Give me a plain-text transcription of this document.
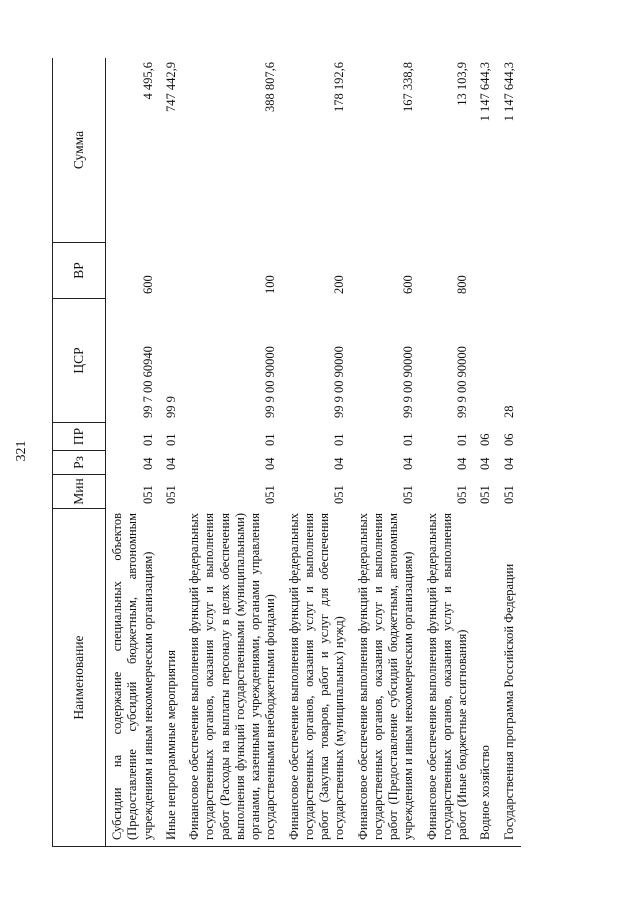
321
Наименование	Мин	Рз	ПР	ЦСР	ВР	Сумма
Субсидии на содержание специальных объектов (Предоставление субсидий бюджетным, автономным учреждениям и иным некоммерческим организациям)	051	04	01	99 7 00 60940	600	4 495,6
Иные непрограммные мероприятия	051	04	01	99 9		747 442,9
Финансовое обеспечение выполнения функций федеральных государственных органов, оказания услуг и выполнения работ (Расходы на выплаты персоналу в целях обеспечения выполнения функций государственными (муниципальными) органами, казенными учреждениями, органами управления государственными внебюджетными фондами)	051	04	01	99 9 00 90000	100	388 807,6
Финансовое обеспечение выполнения функций федеральных государственных органов, оказания услуг и выполнения работ (Закупка товаров, работ и услуг для обеспечения государственных (муниципальных) нужд)	051	04	01	99 9 00 90000	200	178 192,6
Финансовое обеспечение выполнения функций федеральных государственных органов, оказания услуг и выполнения работ (Предоставление субсидий бюджетным, автономным учреждениям и иным некоммерческим организациям)	051	04	01	99 9 00 90000	600	167 338,8
Финансовое обеспечение выполнения функций федеральных государственных органов, оказания услуг и выполнения работ (Иные бюджетные ассигнования)	051	04	01	99 9 00 90000	800	13 103,9
Водное хозяйство	051	04	06			1 147 644,3
Государственная программа Российской Федерации	051	04	06	28		1 147 644,3
